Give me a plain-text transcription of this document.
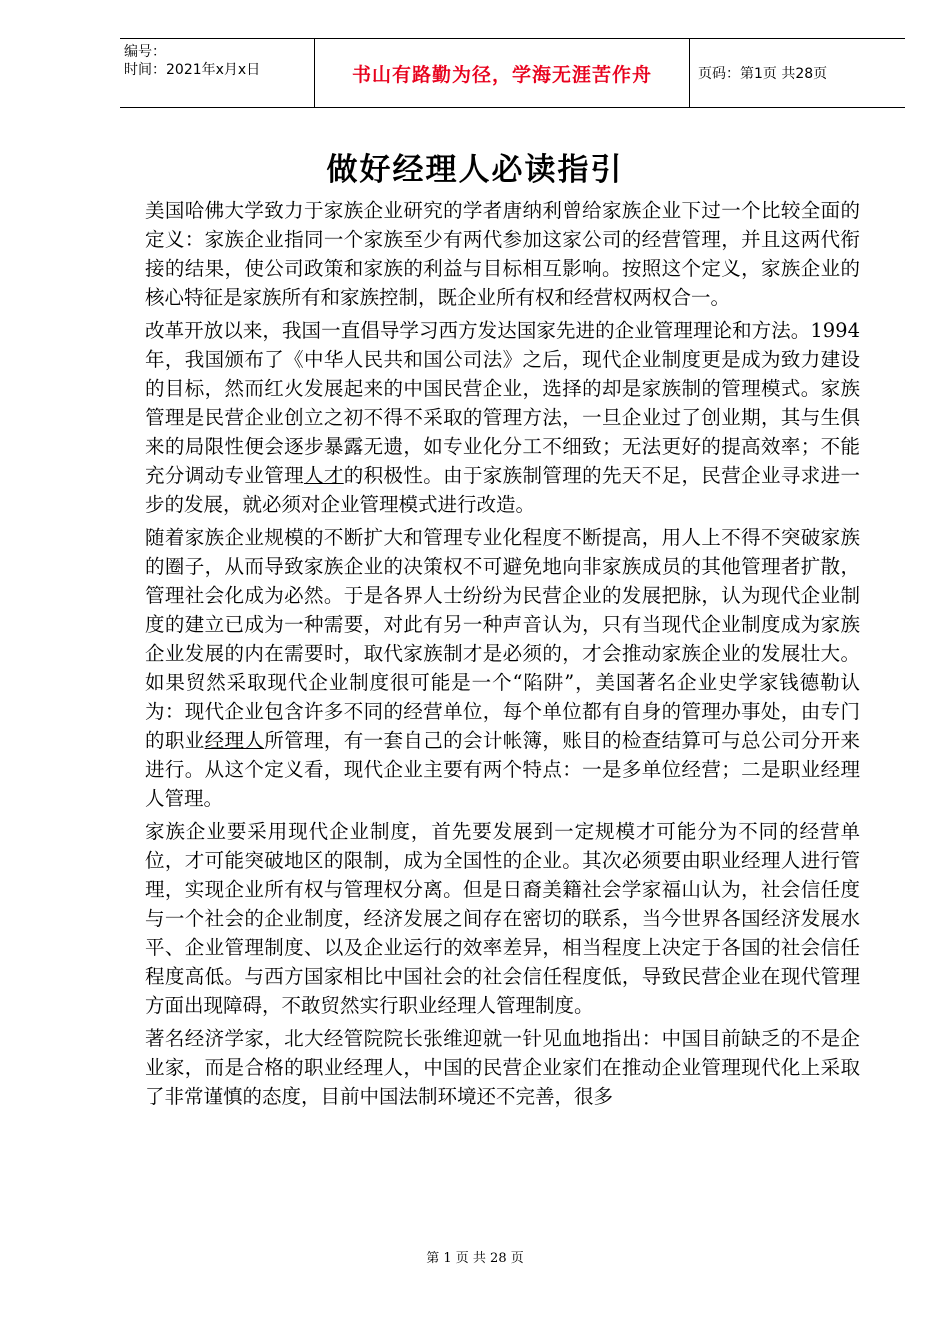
编号：
时间：2021年x月x日	书山有路勤为径，学海无涯苦作舟	页码：第1页 共28页
做好经理人必读指引

美国哈佛大学致力于家族企业研究的学者唐纳利曾给家族企业下过一个比较全面的定义：家族企业指同一个家族至少有两代参加这家公司的经营管理，并且这两代衔接的结果，使公司政策和家族的利益与目标相互影响。按照这个定义，家族企业的核心特征是家族所有和家族控制，既企业所有权和经营权两权合一。

改革开放以来，我国一直倡导学习西方发达国家先进的企业管理理论和方法。1994年，我国颁布了《中华人民共和国公司法》之后，现代企业制度更是成为致力建设的目标，然而红火发展起来的中国民营企业，选择的却是家族制的管理模式。家族管理是民营企业创立之初不得不采取的管理方法，一旦企业过了创业期，其与生俱来的局限性便会逐步暴露无遗，如专业化分工不细致；无法更好的提高效率；不能充分调动专业管理人才的积极性。由于家族制管理的先天不足，民营企业寻求进一步的发展，就必须对企业管理模式进行改造。

随着家族企业规模的不断扩大和管理专业化程度不断提高，用人上不得不突破家族的圈子，从而导致家族企业的决策权不可避免地向非家族成员的其他管理者扩散，管理社会化成为必然。于是各界人士纷纷为民营企业的发展把脉，认为现代企业制度的建立已成为一种需要，对此有另一种声音认为，只有当现代企业制度成为家族企业发展的内在需要时，取代家族制才是必须的，才会推动家族企业的发展壮大。如果贸然采取现代企业制度很可能是一个“陷阱”，美国著名企业史学家钱德勒认为：现代企业包含许多不同的经营单位，每个单位都有自身的管理办事处，由专门的职业经理人所管理，有一套自己的会计帐簿，账目的检查结算可与总公司分开来进行。从这个定义看，现代企业主要有两个特点：一是多单位经营；二是职业经理人管理。

家族企业要采用现代企业制度，首先要发展到一定规模才可能分为不同的经营单位，才可能突破地区的限制，成为全国性的企业。其次必须要由职业经理人进行管理，实现企业所有权与管理权分离。但是日裔美籍社会学家福山认为，社会信任度与一个社会的企业制度，经济发展之间存在密切的联系，当今世界各国经济发展水平、企业管理制度、以及企业运行的效率差异，相当程度上决定于各国的社会信任程度高低。与西方国家相比中国社会的社会信任程度低，导致民营企业在现代管理方面出现障碍，不敢贸然实行职业经理人管理制度。

著名经济学家，北大经管院院长张维迎就一针见血地指出：中国目前缺乏的不是企业家，而是合格的职业经理人，中国的民营企业家们在推动企业管理现代化上采取了非常谨慎的态度，目前中国法制环境还不完善，很多

第 1 页 共 28 页
